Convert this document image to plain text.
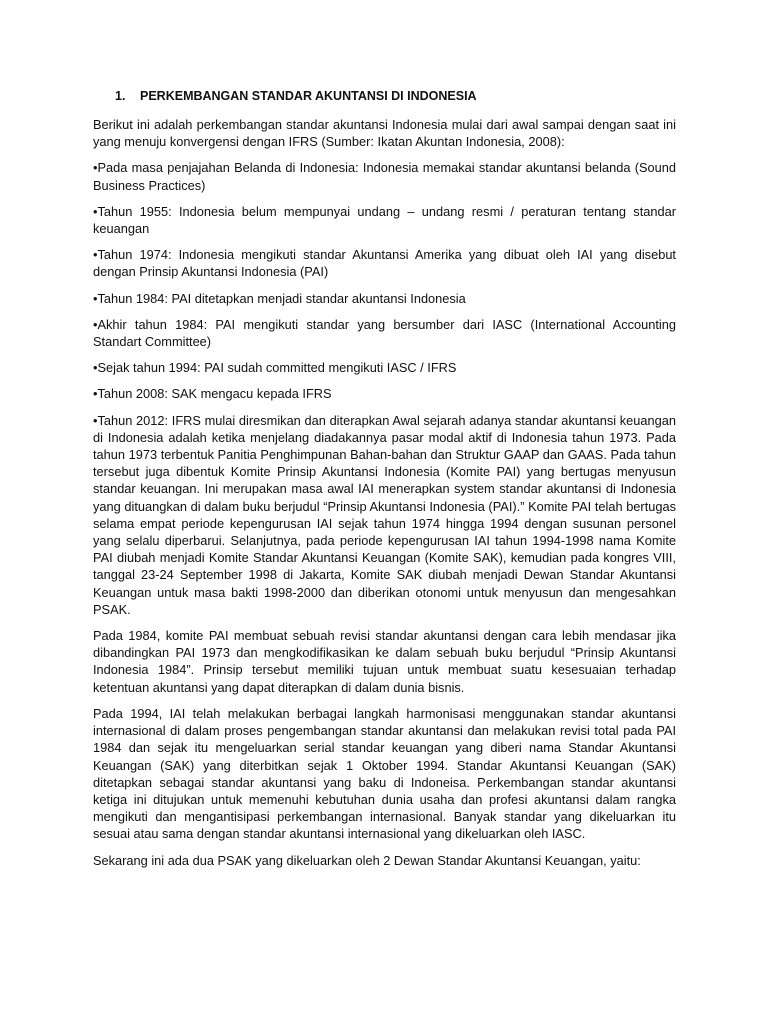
1.	PERKEMBANGAN STANDAR AKUNTANSI DI INDONESIA

Berikut ini adalah perkembangan standar akuntansi Indonesia mulai dari awal sampai dengan saat ini yang menuju konvergensi dengan IFRS (Sumber: Ikatan Akuntan Indonesia, 2008):

•Pada masa penjajahan Belanda di Indonesia: Indonesia memakai standar akuntansi belanda (Sound Business Practices)

•Tahun 1955: Indonesia belum mempunyai undang – undang resmi / peraturan tentang standar keuangan

•Tahun 1974: Indonesia mengikuti standar Akuntansi Amerika yang dibuat oleh IAI yang disebut dengan Prinsip Akuntansi Indonesia (PAI)

•Tahun 1984: PAI ditetapkan menjadi standar akuntansi Indonesia

•Akhir tahun 1984: PAI mengikuti standar yang bersumber dari IASC (International Accounting Standart Committee)

•Sejak tahun 1994: PAI sudah committed mengikuti IASC / IFRS

•Tahun 2008: SAK mengacu kepada IFRS

•Tahun 2012: IFRS mulai diresmikan dan diterapkan Awal sejarah adanya standar akuntansi keuangan di Indonesia adalah ketika menjelang diadakannya pasar modal aktif di Indonesia tahun 1973. Pada tahun 1973 terbentuk Panitia Penghimpunan Bahan-bahan dan Struktur GAAP dan GAAS. Pada tahun tersebut juga dibentuk Komite Prinsip Akuntansi Indonesia (Komite PAI) yang bertugas menyusun standar keuangan. Ini merupakan masa awal IAI menerapkan system standar akuntansi di Indonesia yang dituangkan di dalam buku berjudul “Prinsip Akuntansi Indonesia (PAI).” Komite PAI telah bertugas selama empat periode kepengurusan IAI sejak tahun 1974 hingga 1994 dengan susunan personel yang selalu diperbarui. Selanjutnya, pada periode kepengurusan IAI tahun 1994-1998 nama Komite PAI diubah menjadi Komite Standar Akuntansi Keuangan (Komite SAK), kemudian pada kongres VIII, tanggal 23-24 September 1998 di Jakarta, Komite SAK diubah menjadi Dewan Standar Akuntansi Keuangan untuk masa bakti 1998-2000 dan diberikan otonomi untuk menyusun dan mengesahkan PSAK.

Pada 1984, komite PAI membuat sebuah revisi standar akuntansi dengan cara lebih mendasar jika dibandingkan PAI 1973 dan mengkodifikasikan ke dalam sebuah buku berjudul “Prinsip Akuntansi Indonesia 1984”. Prinsip tersebut memiliki tujuan untuk membuat suatu kesesuaian terhadap ketentuan akuntansi yang dapat diterapkan di dalam dunia bisnis.

Pada 1994, IAI telah melakukan berbagai langkah harmonisasi menggunakan standar akuntansi internasional di dalam proses pengembangan standar akuntansi dan melakukan revisi total pada PAI 1984 dan sejak itu mengeluarkan serial standar keuangan yang diberi nama Standar Akuntansi Keuangan (SAK) yang diterbitkan sejak 1 Oktober 1994. Standar Akuntansi Keuangan (SAK) ditetapkan sebagai standar akuntansi yang baku di Indoneisa. Perkembangan standar akuntansi ketiga ini ditujukan untuk memenuhi kebutuhan dunia usaha dan profesi akuntansi dalam rangka mengikuti dan mengantisipasi perkembangan internasional. Banyak standar yang dikeluarkan itu sesuai atau sama dengan standar akuntansi internasional yang dikeluarkan oleh IASC.

Sekarang ini ada dua PSAK yang dikeluarkan oleh 2 Dewan Standar Akuntansi Keuangan, yaitu:
